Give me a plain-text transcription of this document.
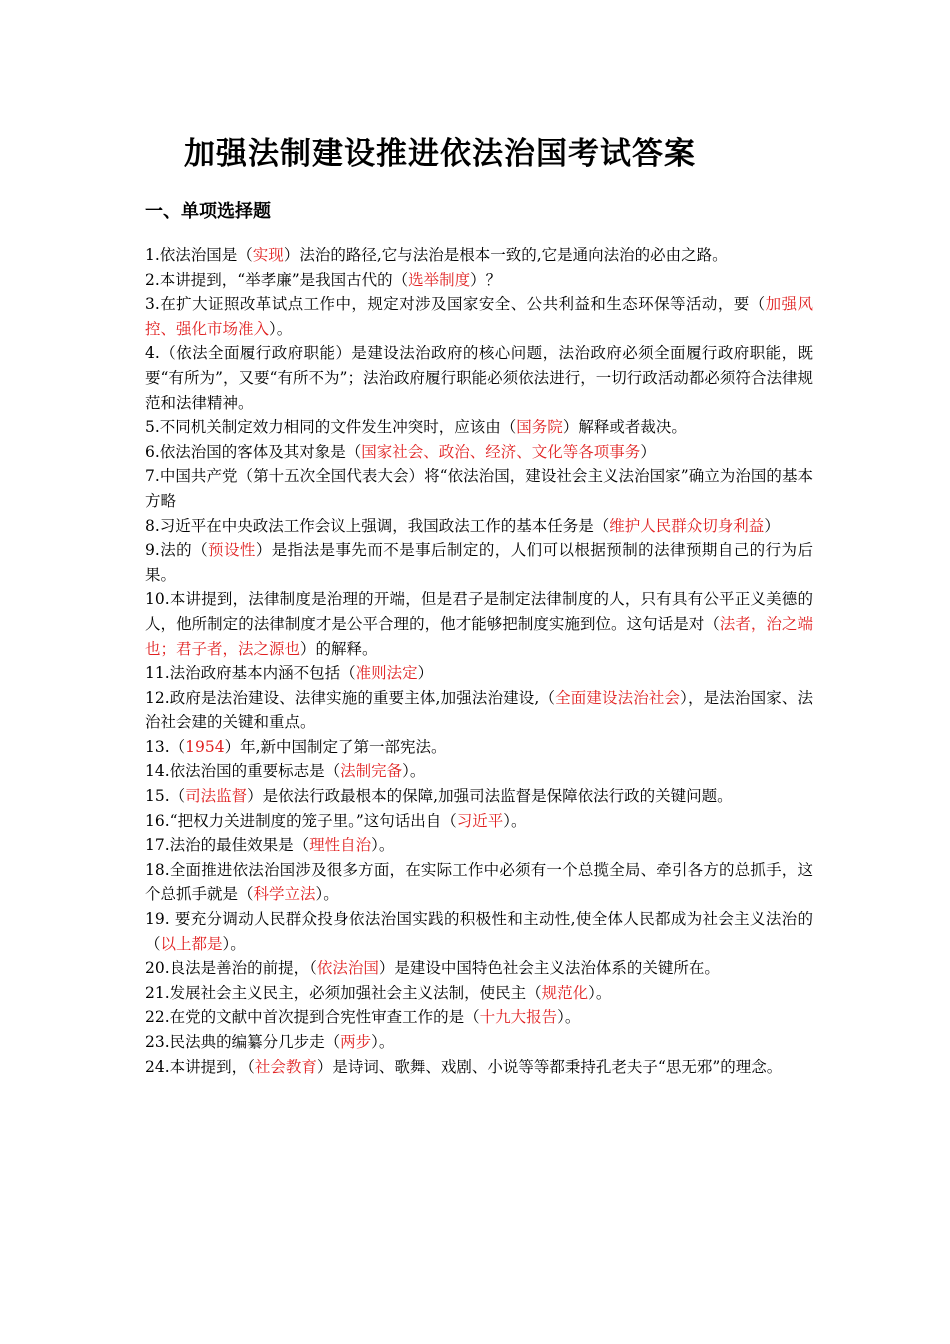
加强法制建设推进依法治国考试答案
一、单项选择题

1.依法治国是（实现）法治的路径,它与法治是根本一致的,它是通向法治的必由之路。

2.本讲提到，“举孝廉”是我国古代的（选举制度）？

3.在扩大证照改革试点工作中，规定对涉及国家安全、公共利益和生态环保等活动，要（加强风控、强化市场准入）。

4.（依法全面履行政府职能）是建设法治政府的核心问题，法治政府必须全面履行政府职能，既要“有所为”，又要“有所不为”；法治政府履行职能必须依法进行，一切行政活动都必须符合法律规范和法律精神。

5.不同机关制定效力相同的文件发生冲突时，应该由（国务院）解释或者裁决。

6.依法治国的客体及其对象是（国家社会、政治、经济、文化等各项事务）

7.中国共产党（第十五次全国代表大会）将“依法治国，建设社会主义法治国家”确立为治国的基本方略

8.习近平在中央政法工作会议上强调，我国政法工作的基本任务是（维护人民群众切身利益）

9.法的（预设性）是指法是事先而不是事后制定的，人们可以根据预制的法律预期自己的行为后果。

10.本讲提到，法律制度是治理的开端，但是君子是制定法律制度的人，只有具有公平正义美德的人，他所制定的法律制度才是公平合理的，他才能够把制度实施到位。这句话是对（法者，治之端也；君子者，法之源也）的解释。

11.法治政府基本内涵不包括（准则法定）

12.政府是法治建设、法律实施的重要主体,加强法治建设,（全面建设法治社会），是法治国家、法治社会建的关键和重点。

13.（1954）年,新中国制定了第一部宪法。

14.依法治国的重要标志是（法制完备）。

15.（司法监督）是依法行政最根本的保障,加强司法监督是保障依法行政的关键问题。

16.“把权力关进制度的笼子里。”这句话出自（习近平）。

17.法治的最佳效果是（理性自治）。

18.全面推进依法治国涉及很多方面，在实际工作中必须有一个总揽全局、牵引各方的总抓手，这个总抓手就是（科学立法）。

19. 要充分调动人民群众投身依法治国实践的积极性和主动性,使全体人民都成为社会主义法治的（以上都是）。

20.良法是善治的前提，（依法治国）是建设中国特色社会主义法治体系的关键所在。

21.发展社会主义民主，必须加强社会主义法制，使民主（规范化）。

22.在党的文献中首次提到合宪性审查工作的是（十九大报告）。

23.民法典的编纂分几步走（两步）。

24.本讲提到，（社会教育）是诗词、歌舞、戏剧、小说等等都秉持孔老夫子“思无邪”的理念。
